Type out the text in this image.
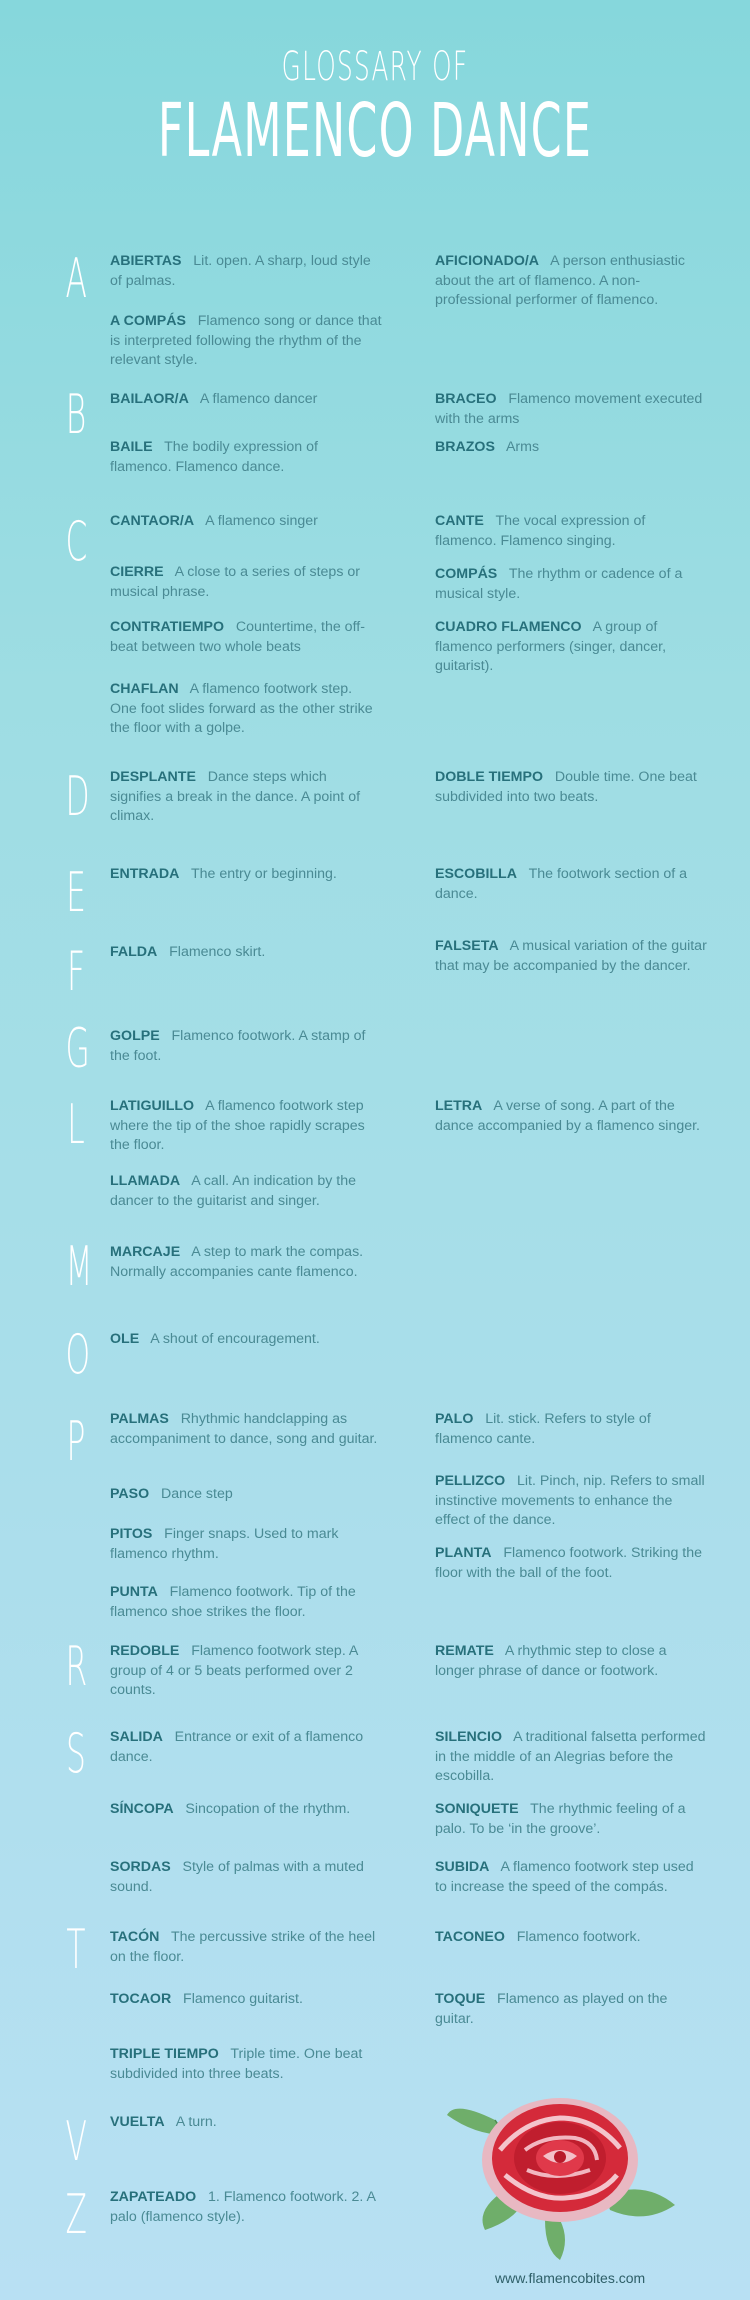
GLOSSARY OF
FLAMENCO DANCE
A
B
C
D
E
F
G
L
M
O
P
R
S
T
V
Z
ABIERTAS Lit. open. A sharp, loud style of palmas.
A COMPÁS Flamenco song or dance that is interpreted following the rhythm of the relevant style.
AFICIONADO/A A person enthusiastic about the art of flamenco. A non-professional performer of flamenco.
BAILAOR/A A flamenco dancer
BAILE The bodily expression of flamenco. Flamenco dance.
BRACEO Flamenco movement executed with the arms
BRAZOS Arms
CANTAOR/A A flamenco singer
CIERRE A close to a series of steps or musical phrase.
CONTRATIEMPO Countertime, the off-beat between two whole beats
CHAFLAN A flamenco footwork step. One foot slides forward as the other strike the floor with a golpe.
CANTE The vocal expression of flamenco. Flamenco singing.
COMPÁS The rhythm or cadence of a musical style.
CUADRO FLAMENCO A group of flamenco performers (singer, dancer, guitarist).
DESPLANTE Dance steps which signifies a break in the dance. A point of climax.
DOBLE TIEMPO Double time. One beat subdivided into two beats.
ENTRADA The entry or beginning.	ESCOBILLA The footwork section of a dance.
FALDA Flamenco skirt.	FALSETA A musical variation of the guitar that may be accompanied by the dancer.
GOLPE Flamenco footwork. A stamp of the foot.
LATIGUILLO A flamenco footwork step where the tip of the shoe rapidly scrapes the floor.
LLAMADA A call. An indication by the dancer to the guitarist and singer.
LETRA A verse of song. A part of the dance accompanied by a flamenco singer.
MARCAJE A step to mark the compas. Normally accompanies cante flamenco.
OLE A shout of encouragement.
PALMAS Rhythmic handclapping as accompaniment to dance, song and guitar.
PASO Dance step
PITOS Finger snaps. Used to mark flamenco rhythm.
PUNTA Flamenco footwork. Tip of the flamenco shoe strikes the floor.
PALO Lit. stick. Refers to style of flamenco cante.
PELLIZCO Lit. Pinch, nip. Refers to small instinctive movements to enhance the effect of the dance.
PLANTA Flamenco footwork. Striking the floor with the ball of the foot.
REDOBLE Flamenco footwork step. A group of 4 or 5 beats performed over 2 counts.
REMATE A rhythmic step to close a longer phrase of dance or footwork.
SALIDA Entrance or exit of a flamenco dance.
SÍNCOPA Sincopation of the rhythm.
SORDAS Style of palmas with a muted sound.
SILENCIO A traditional falsetta performed in the middle of an Alegrias before the escobilla.
SONIQUETE The rhythmic feeling of a palo. To be ‘in the groove’.
SUBIDA A flamenco footwork step used to increase the speed of the compás.
TACÓN The percussive strike of the heel on the floor.
TOCAOR Flamenco guitarist.
TRIPLE TIEMPO Triple time. One beat subdivided into three beats.
TACONEO Flamenco footwork.
TOQUE Flamenco as played on the guitar.
VUELTA A turn.
ZAPATEADO 1. Flamenco footwork. 2. A palo (flamenco style).
www.flamencobites.com
